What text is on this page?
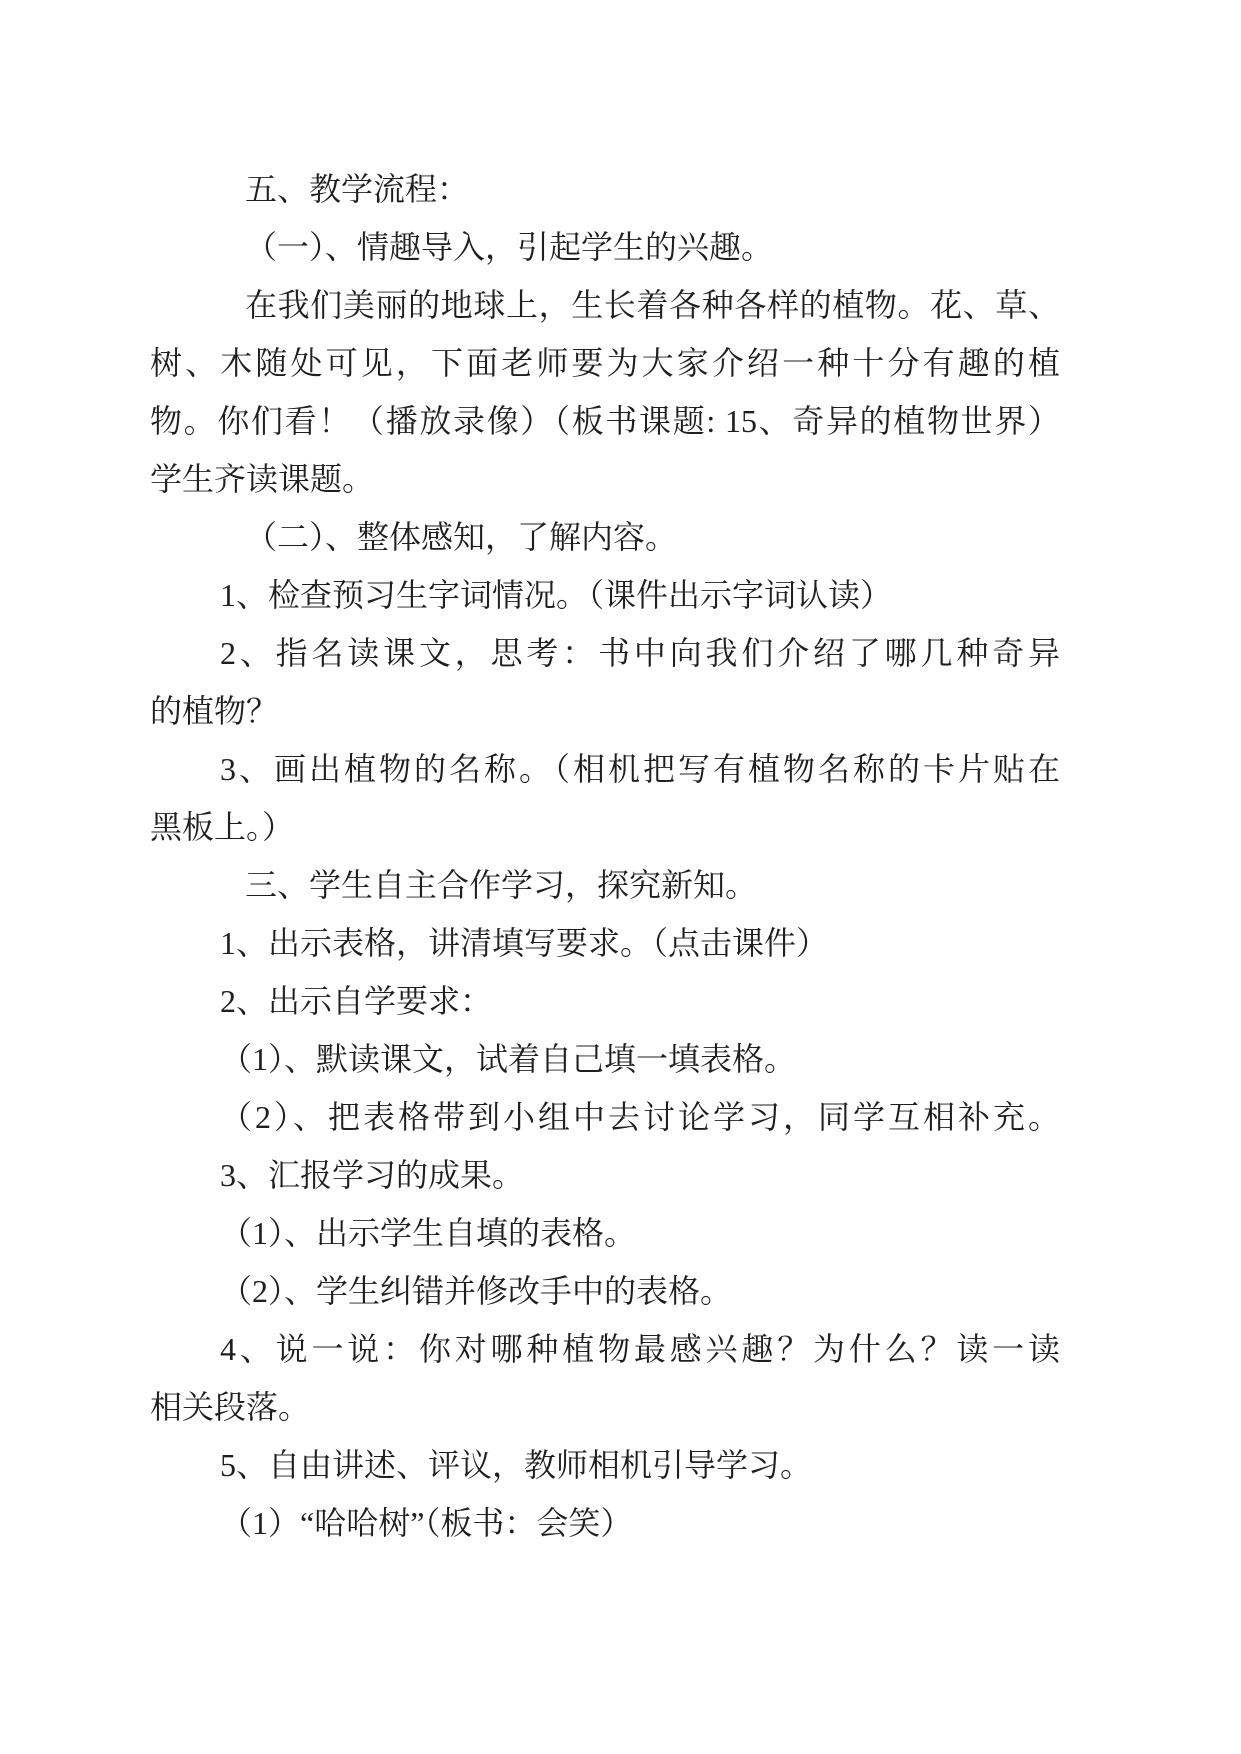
五、教学流程：
（一）、情趣导入，引起学生的兴趣。
在我们美丽的地球上，生长着各种各样的植物。花、草、
树、木随处可见，下面老师要为大家介绍一种十分有趣的植
物。你们看！（播放录像）（板书课题: 15、奇异的植物世界）
学生齐读课题。
（二）、整体感知，了解内容。
1、检查预习生字词情况。（课件出示字词认读）
2、指名读课文，思考：书中向我们介绍了哪几种奇异
的植物？
3、画出植物的名称。（相机把写有植物名称的卡片贴在
黑板上。）
三、学生自主合作学习，探究新知。
1、出示表格，讲清填写要求。（点击课件）
2、出示自学要求：
（1）、默读课文，试着自己填一填表格。
（2）、把表格带到小组中去讨论学习，同学互相补充。
3、汇报学习的成果。
（1）、出示学生自填的表格。
（2）、学生纠错并修改手中的表格。
4、说一说：你对哪种植物最感兴趣？为什么？读一读
相关段落。
5、自由讲述、评议，教师相机引导学习。
（1）“哈哈树”（板书：会笑）
